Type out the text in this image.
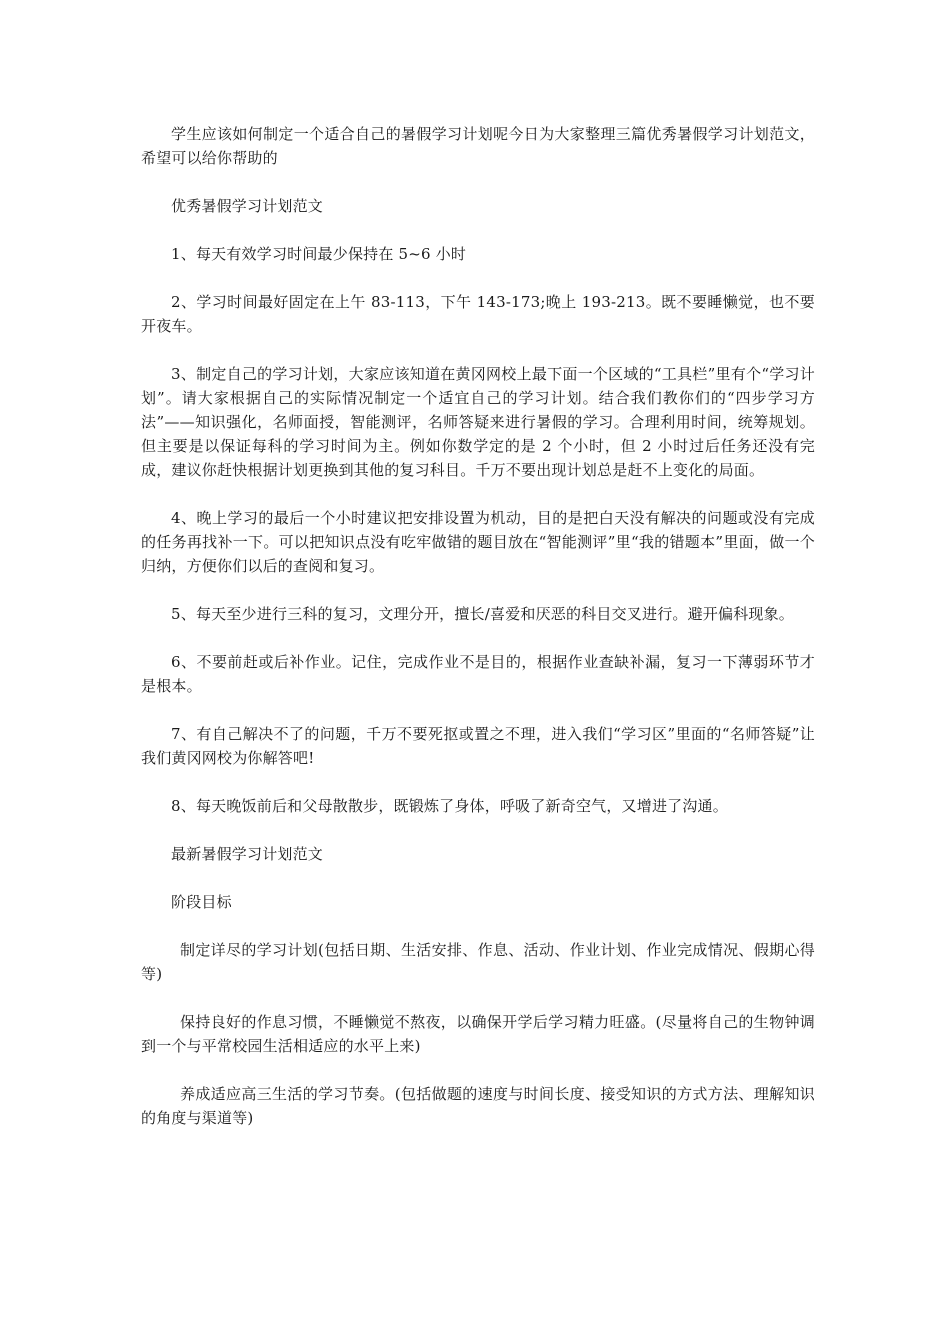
学生应该如何制定一个适合自己的暑假学习计划呢今日为大家整理三篇优秀暑假学习计划范文，希望可以给你帮助的

优秀暑假学习计划范文

1、每天有效学习时间最少保持在 5~6 小时

2、学习时间最好固定在上午 83-113，下午 143-173;晚上 193-213。既不要睡懒觉，也不要开夜车。

3、制定自己的学习计划，大家应该知道在黄冈网校上最下面一个区域的“工具栏”里有个“学习计划”。请大家根据自己的实际情况制定一个适宜自己的学习计划。结合我们教你们的“四步学习方法”——知识强化，名师面授，智能测评，名师答疑来进行暑假的学习。合理利用时间，统筹规划。但主要是以保证每科的学习时间为主。例如你数学定的是 2 个小时，但 2 小时过后任务还没有完成，建议你赶快根据计划更换到其他的复习科目。千万不要出现计划总是赶不上变化的局面。

4、晚上学习的最后一个小时建议把安排设置为机动，目的是把白天没有解决的问题或没有完成的任务再找补一下。可以把知识点没有吃牢做错的题目放在“智能测评”里“我的错题本”里面，做一个归纳，方便你们以后的查阅和复习。

5、每天至少进行三科的复习，文理分开，擅长/喜爱和厌恶的科目交叉进行。避开偏科现象。

6、不要前赶或后补作业。记住，完成作业不是目的，根据作业查缺补漏，复习一下薄弱环节才是根本。

7、有自己解决不了的问题，千万不要死抠或置之不理，进入我们“学习区”里面的“名师答疑”让我们黄冈网校为你解答吧!

8、每天晚饭前后和父母散散步，既锻炼了身体，呼吸了新奇空气，又增进了沟通。

最新暑假学习计划范文

阶段目标

制定详尽的学习计划(包括日期、生活安排、作息、活动、作业计划、作业完成情况、假期心得等)

保持良好的作息习惯，不睡懒觉不熬夜，以确保开学后学习精力旺盛。(尽量将自己的生物钟调到一个与平常校园生活相适应的水平上来)

养成适应高三生活的学习节奏。(包括做题的速度与时间长度、接受知识的方式方法、理解知识的角度与渠道等)
